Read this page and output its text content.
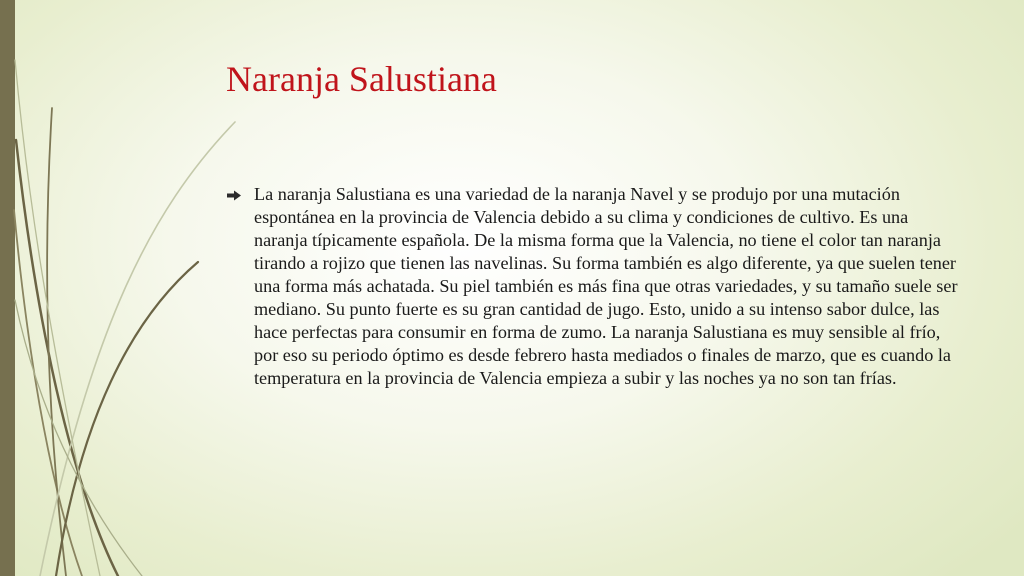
Naranja Salustiana

La naranja Salustiana es una variedad de la naranja Navel y se produjo por una mutación espontánea en la provincia de Valencia debido a su clima y condiciones de cultivo. Es una naranja típicamente española. De la misma forma que la Valencia, no tiene el color tan naranja tirando a rojizo que tienen las navelinas. Su forma también es algo diferente, ya que suelen tener una forma más achatada. Su piel también es más fina que otras variedades, y su tamaño suele ser mediano. Su punto fuerte es su gran cantidad de jugo. Esto, unido a su intenso sabor dulce, las hace perfectas para consumir en forma de zumo. La naranja Salustiana es muy sensible al frío, por eso su periodo óptimo es desde febrero hasta mediados o finales de marzo, que es cuando la temperatura en la provincia de Valencia empieza a subir y las noches ya no son tan frías.
